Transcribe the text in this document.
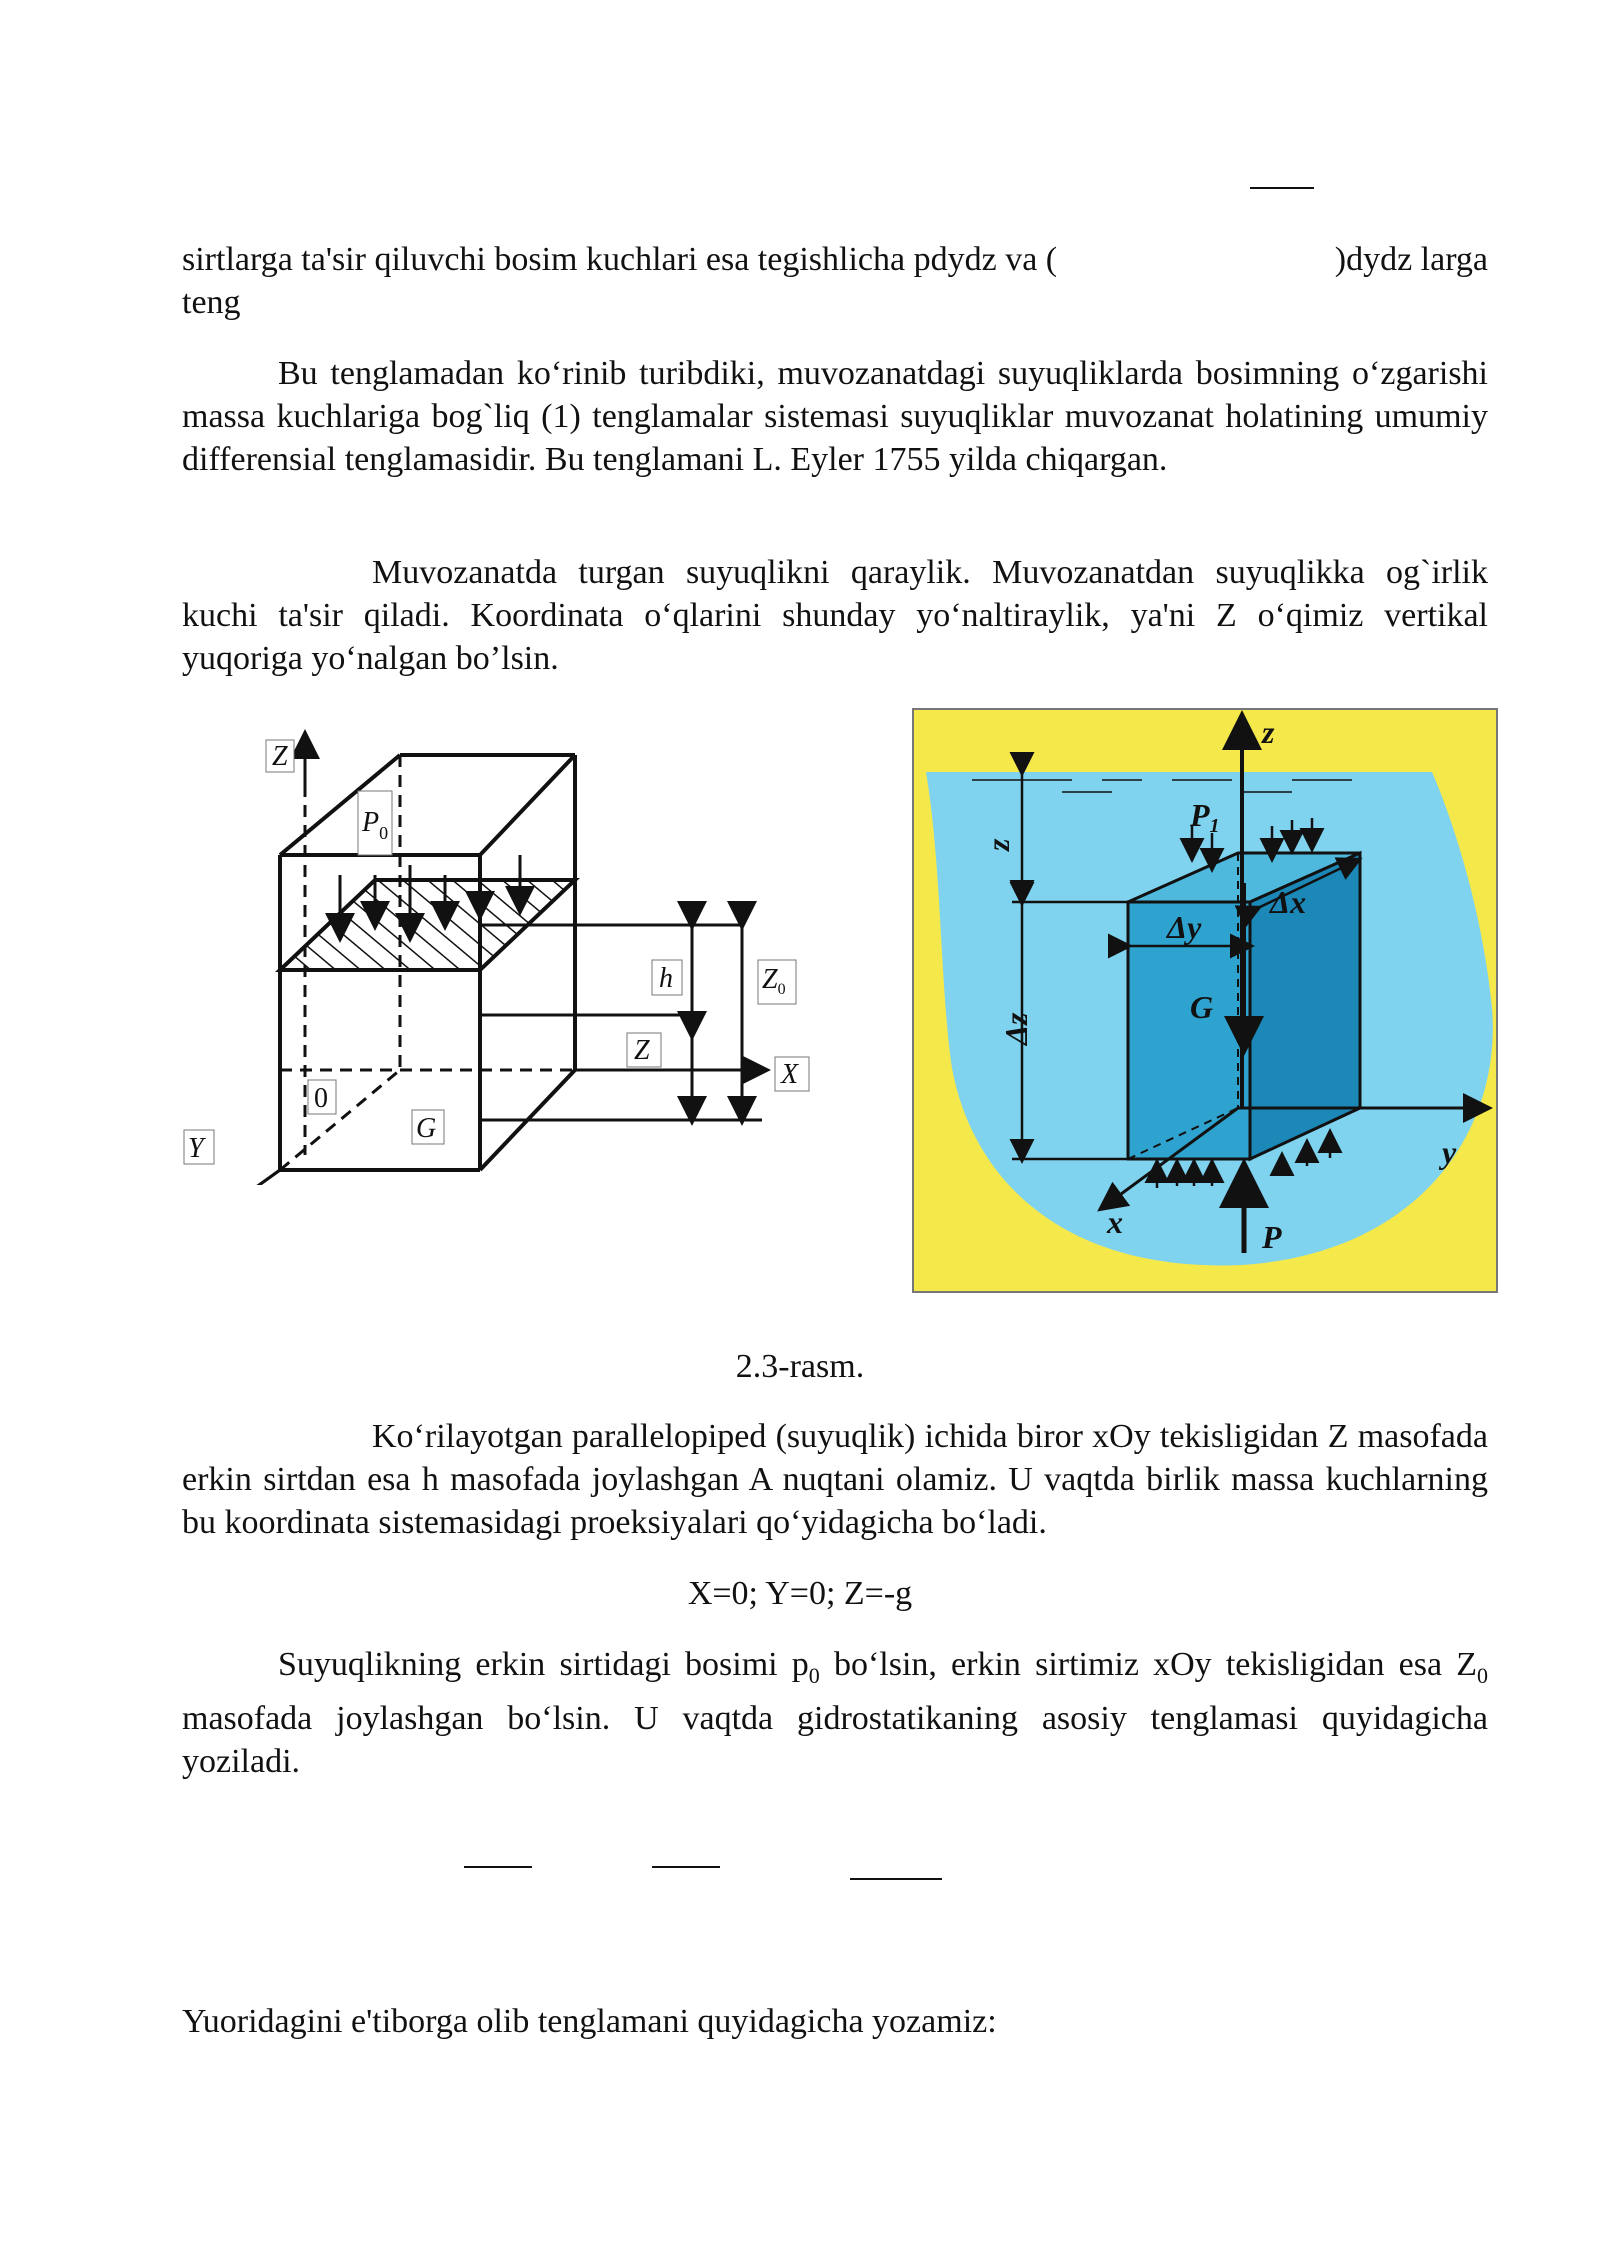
sirtlarga ta'sir qiluvchi bosim kuchlari esa tegishlicha pdydz va (	)dydz larga

teng

Bu tenglamadan ko‘rinib turibdiki, muvozanatdagi suyuqliklarda bosimning o‘zgarishi massa kuchlariga bog`liq (1) tenglamalar sistemasi suyuqliklar muvozanat holatining umumiy differensial tenglamasidir. Bu tenglamani L. Eyler 1755 yilda chiqargan.

Muvozanatda turgan suyuqlikni qaraylik. Muvozanatdan suyuqlikka og`irlik kuchi ta'sir qiladi. Koordinata o‘qlarini shunday yo‘naltiraylik, ya'ni Z o‘qimiz vertikal yuqoriga yo‘nalgan bo’lsin.

Z
$P_0$
h	$Z_0$
Z
X
0
G
Y
z
z
P1
Δy
Δx
G
Δz
y
x	P
2.3-rasm.

Ko‘rilayotgan parallelopiped (suyuqlik) ichida biror xOy tekisligidan Z masofada erkin sirtdan esa h masofada joylashgan A nuqtani olamiz. U vaqtda birlik massa kuchlarning bu koordinata sistemasidagi proeksiyalari qo‘yidagicha bo‘ladi.

X=0; Y=0; Z=-g

Suyuqlikning erkin sirtidagi bosimi $p_0$ bo‘lsin, erkin sirtimiz xOy tekisligidan esa $Z_0$ masofada joylashgan bo‘lsin. U vaqtda gidrostatikaning asosiy tenglamasi quyidagicha yoziladi.

Yuoridagini e'tiborga olib tenglamani quyidagicha yozamiz:
